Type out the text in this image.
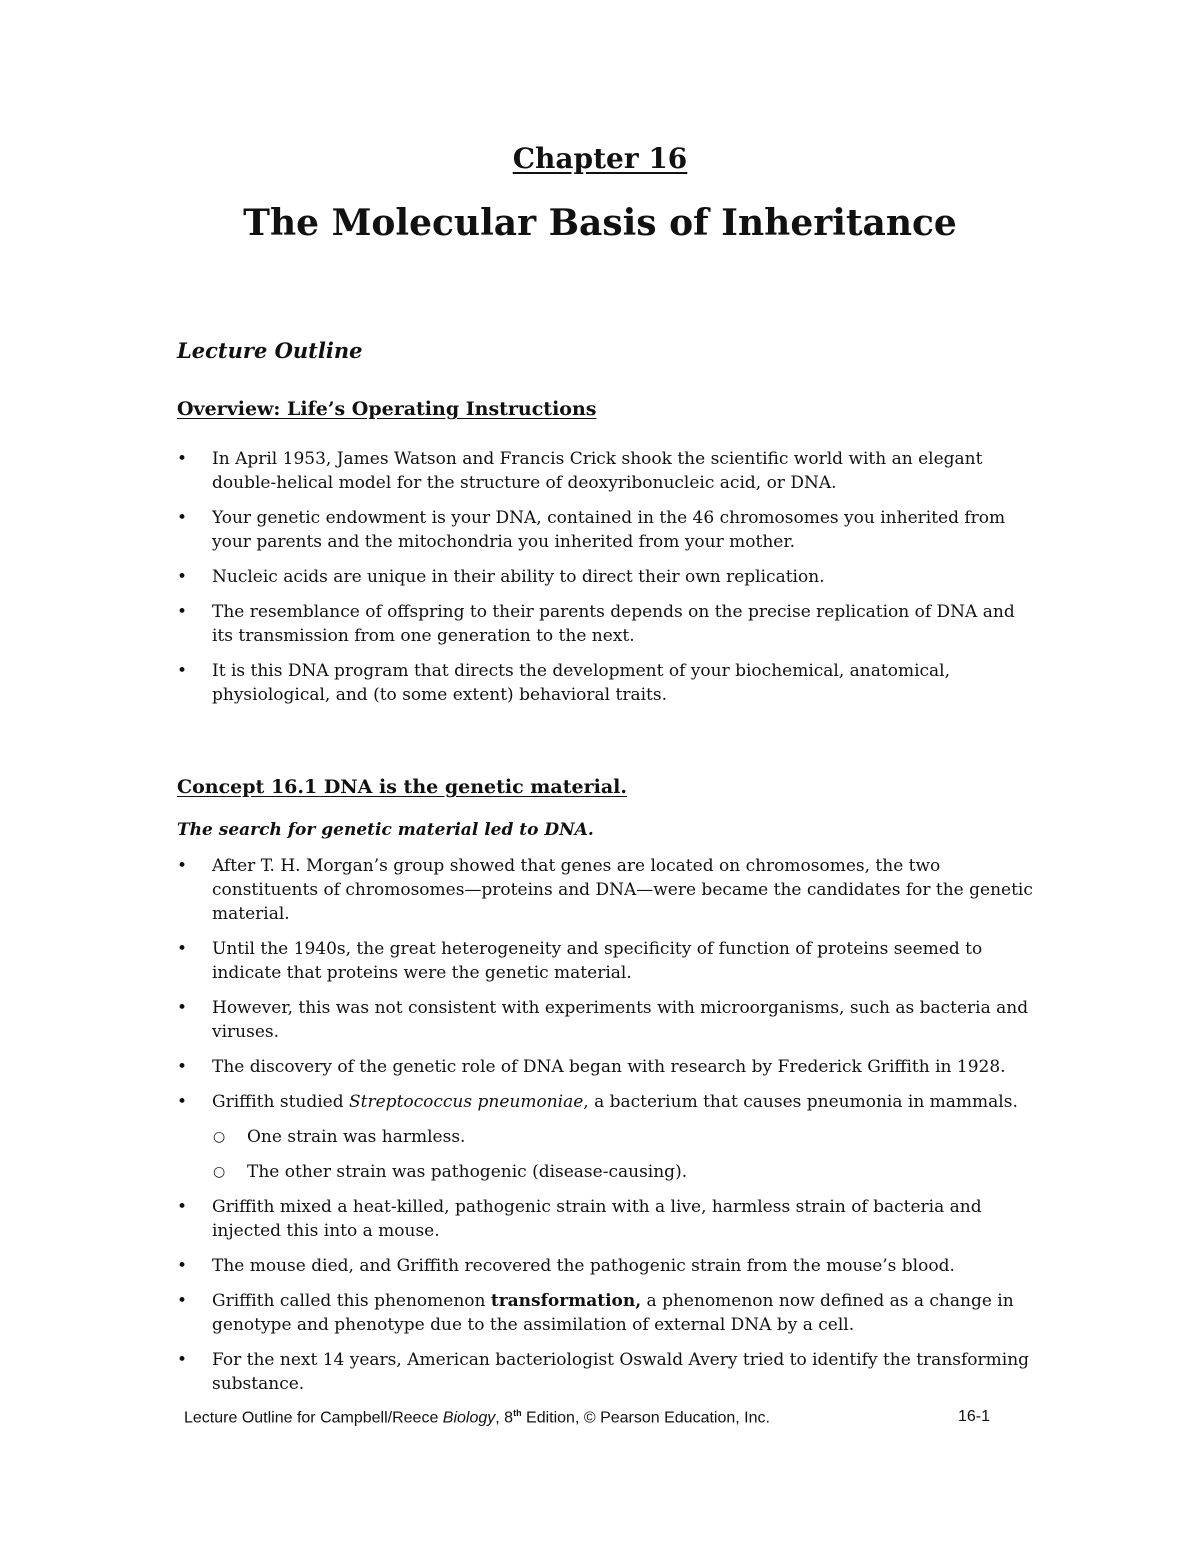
Chapter 16
The Molecular Basis of Inheritance
Lecture Outline
Overview: Life’s Operating Instructions
•	In April 1953, James Watson and Francis Crick shook the scientific world with an elegant double-helical model for the structure of deoxyribonucleic acid, or DNA.
•	Your genetic endowment is your DNA, contained in the 46 chromosomes you inherited from your parents and the mitochondria you inherited from your mother.
•	Nucleic acids are unique in their ability to direct their own replication.
•	The resemblance of offspring to their parents depends on the precise replication of DNA and its transmission from one generation to the next.
•	It is this DNA program that directs the development of your biochemical, anatomical, physiological, and (to some extent) behavioral traits.
Concept 16.1 DNA is the genetic material.
The search for genetic material led to DNA.
•	After T. H. Morgan’s group showed that genes are located on chromosomes, the two constituents of chromosomes—proteins and DNA—were became the candidates for the genetic material.
•	Until the 1940s, the great heterogeneity and specificity of function of proteins seemed to indicate that proteins were the genetic material.
•	However, this was not consistent with experiments with microorganisms, such as bacteria and viruses.
•	The discovery of the genetic role of DNA began with research by Frederick Griffith in 1928.
•	Griffith studied Streptococcus pneumoniae, a bacterium that causes pneumonia in mammals.
○	One strain was harmless.
○	The other strain was pathogenic (disease-causing).
•	Griffith mixed a heat-killed, pathogenic strain with a live, harmless strain of bacteria and injected this into a mouse.
•	The mouse died, and Griffith recovered the pathogenic strain from the mouse’s blood.
•	Griffith called this phenomenon transformation, a phenomenon now defined as a change in genotype and phenotype due to the assimilation of external DNA by a cell.
•	For the next 14 years, American bacteriologist Oswald Avery tried to identify the transforming substance.
Lecture Outline for Campbell/Reece Biology, 8th Edition, © Pearson Education, Inc.	16-1
